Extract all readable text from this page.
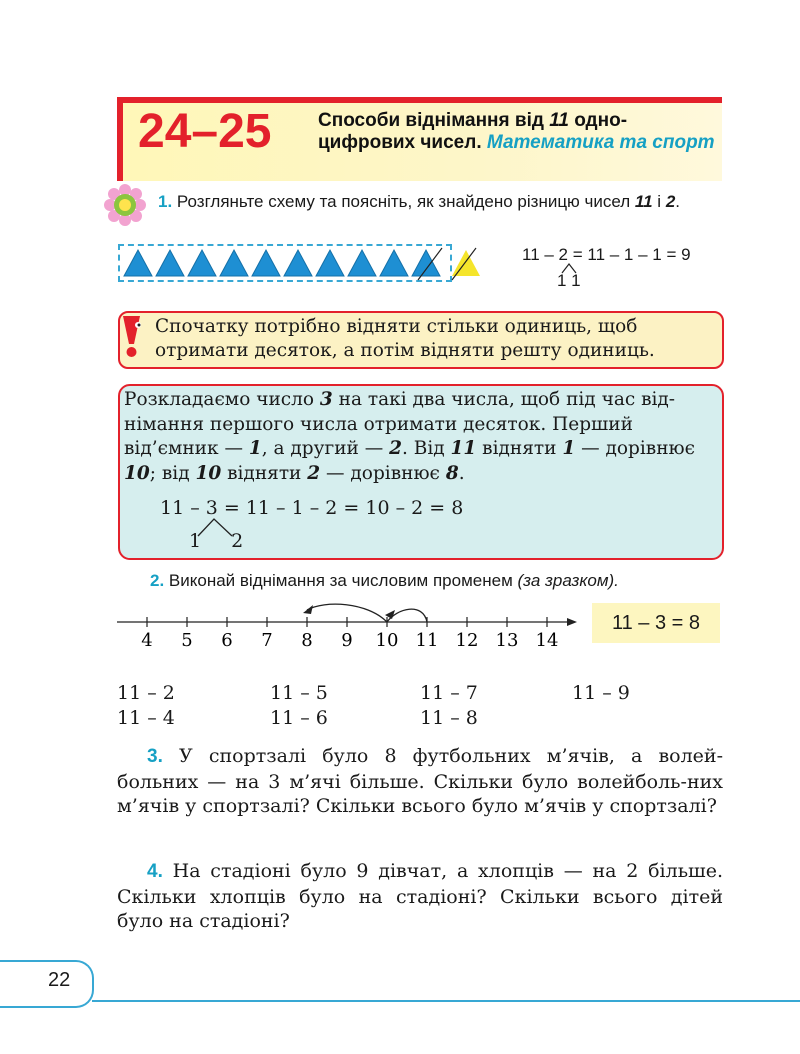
24–25 Способи віднімання від 11 одно-цифрових чисел. Математика та спорт
1. Розгляньте схему та поясніть, як знайдено різницю чисел 11 і 2.
11 – 2 = 11 – 1 – 1 = 9
1 1
Спочатку потрібно відняти стільки одиниць, щоб отримати десяток, а потім відняти решту одиниць.
Розкладаємо число 3 на такі два числа, щоб під час від-німання першого числа отримати десяток. Перший від’ємник — 1, а другий — 2. Від 11 відняти 1 — дорівнює 10; від 10 відняти 2 — дорівнює 8.
11 – 3 = 11 – 1 – 2 = 10 – 2 = 8
1 2
2. Виконай віднімання за числовим променем (за зразком).
4 5 6 7 8 9 10 11 12 13 14
11 – 3 = 8
11 – 2	11 – 5	11 – 7	11 – 9
11 – 4	11 – 6	11 – 8
3. У спортзалі було 8 футбольних м’ячів, а волей-больних — на 3 м’ячі більше. Скільки було волейболь-них м’ячів у спортзалі? Скільки всього було м’ячів у спортзалі?
4. На стадіоні було 9 дівчат, а хлопців — на 2 більше. Скільки хлопців було на стадіоні? Скільки всього дітей було на стадіоні?
22
